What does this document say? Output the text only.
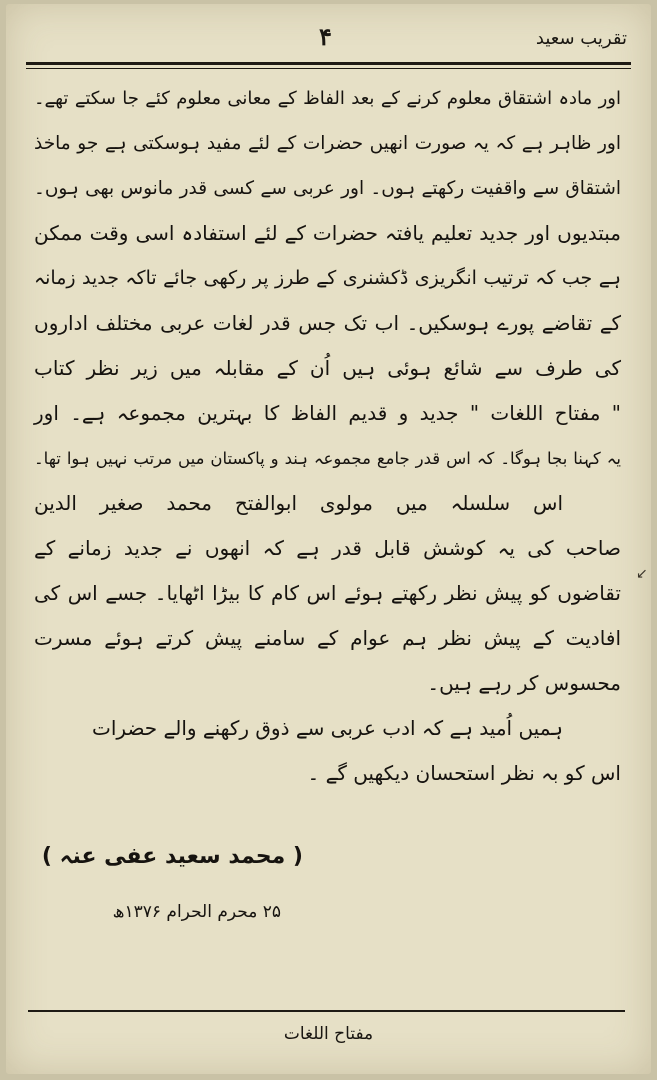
۴	تقریب سعید
اور مادہ اشتقاق معلوم کرنے کے بعد الفاظ کے معانی معلوم کئے جا سکتے تھے۔
اور ظاہر ہے کہ یہ صورت انھیں حضرات کے لئے مفید ہوسکتی ہے جو ماخذ
اشتقاق سے واقفیت رکھتے ہوں۔ اور عربی سے کسی قدر مانوس بھی ہوں۔
مبتدیوں اور جدید تعلیم یافتہ حضرات کے لئے استفادہ اسی وقت ممکن
ہے جب کہ ترتیب انگریزی ڈکشنری کے طرز پر رکھی جائے تاکہ جدید زمانہ
کے تقاضے پورے ہوسکیں۔ اب تک جس قدر لغات عربی مختلف اداروں
کی طرف سے شائع ہوئی ہیں اُن کے مقابلہ میں زیر نظر کتاب
" مفتاح اللغات " جدید و قدیم الفاظ کا بہترین مجموعہ ہے۔ اور
یہ کہنا بجا ہوگا۔ کہ اس قدر جامع مجموعہ ہند و پاکستان میں مرتب نہیں ہوا تھا۔
اس سلسلہ میں مولوی ابوالفتح محمد صغیر الدین
صاحب کی یہ کوشش قابل قدر ہے کہ انھوں نے جدید زمانے کے
تقاضوں کو پیش نظر رکھتے ہوئے اس کام کا بیڑا اٹھایا۔ جسے اس کی
افادیت کے پیش نظر ہم عوام کے سامنے پیش کرتے ہوئے مسرت
محسوس کر رہے ہیں۔
ہمیں اُمید ہے کہ ادب عربی سے ذوق رکھنے والے حضرات
اس کو بہ نظر استحسان دیکھیں گے ۔
↙
( محمد سعید عفی عنہ )
۲۵ محرم الحرام ۱۳۷۶ھ
مفتاح اللغات
